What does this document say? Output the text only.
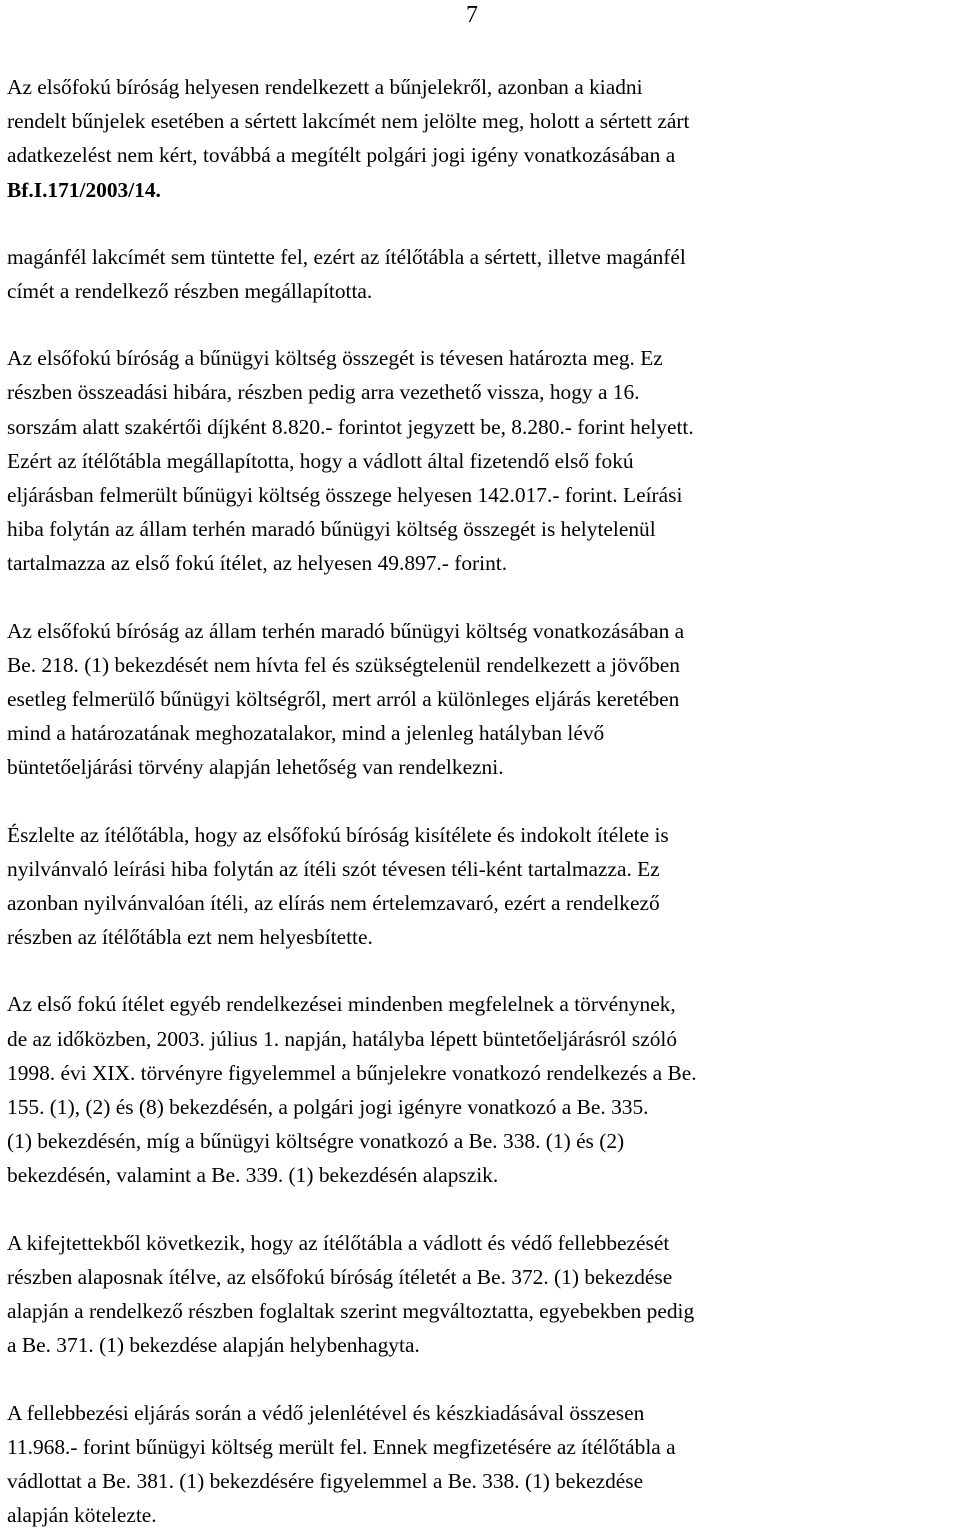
7

Az elsőfokú bíróság helyesen rendelkezett a bűnjelekről, azonban a kiadni
rendelt bűnjelek esetében a sértett lakcímét nem jelölte meg, holott a sértett zárt
adatkezelést nem kért, továbbá a megítélt polgári jogi igény vonatkozásában a
Bf.I.171/2003/14.

magánfél lakcímét sem tüntette fel, ezért az ítélőtábla a sértett, illetve magánfél
címét a rendelkező részben megállapította.

Az elsőfokú bíróság a bűnügyi költség összegét is tévesen határozta meg. Ez
részben összeadási hibára, részben pedig arra vezethető vissza, hogy a 16.
sorszám alatt szakértői díjként 8.820.- forintot jegyzett be, 8.280.- forint helyett.
Ezért az ítélőtábla megállapította, hogy a vádlott által fizetendő első fokú
eljárásban felmerült bűnügyi költség összege helyesen 142.017.- forint. Leírási
hiba folytán az állam terhén maradó bűnügyi költség összegét is helytelenül
tartalmazza az első fokú ítélet, az helyesen 49.897.- forint.

Az elsőfokú bíróság az állam terhén maradó bűnügyi költség vonatkozásában a
Be. 218. (1) bekezdését nem hívta fel és szükségtelenül rendelkezett a jövőben
esetleg felmerülő bűnügyi költségről, mert arról a különleges eljárás keretében
mind a határozatának meghozatalakor, mind a jelenleg hatályban lévő
büntetőeljárási törvény alapján lehetőség van rendelkezni.

Észlelte az ítélőtábla, hogy az elsőfokú bíróság kisítélete és indokolt ítélete is
nyilvánvaló leírási hiba folytán az ítéli szót tévesen téli-ként tartalmazza. Ez
azonban nyilvánvalóan ítéli, az elírás nem értelemzavaró, ezért a rendelkező
részben az ítélőtábla ezt nem helyesbítette.

Az első fokú ítélet egyéb rendelkezései mindenben megfelelnek a törvénynek,
de az időközben, 2003. július 1. napján, hatályba lépett büntetőeljárásról szóló
1998. évi XIX. törvényre figyelemmel a bűnjelekre vonatkozó rendelkezés a Be.
155. (1), (2) és (8) bekezdésén, a polgári jogi igényre vonatkozó a Be. 335.
(1) bekezdésén, míg a bűnügyi költségre vonatkozó a Be. 338. (1) és (2)
bekezdésén, valamint a Be. 339. (1) bekezdésén alapszik.

A kifejtettekből következik, hogy az ítélőtábla a vádlott és védő fellebbezését
részben alaposnak ítélve, az elsőfokú bíróság ítéletét a Be. 372. (1) bekezdése
alapján a rendelkező részben foglaltak szerint megváltoztatta, egyebekben pedig
a Be. 371. (1) bekezdése alapján helybenhagyta.

A fellebbezési eljárás során a védő jelenlétével és készkiadásával összesen
11.968.- forint bűnügyi költség merült fel. Ennek megfizetésére az ítélőtábla a
vádlottat a Be. 381. (1) bekezdésére figyelemmel a Be. 338. (1) bekezdése
alapján kötelezte.
